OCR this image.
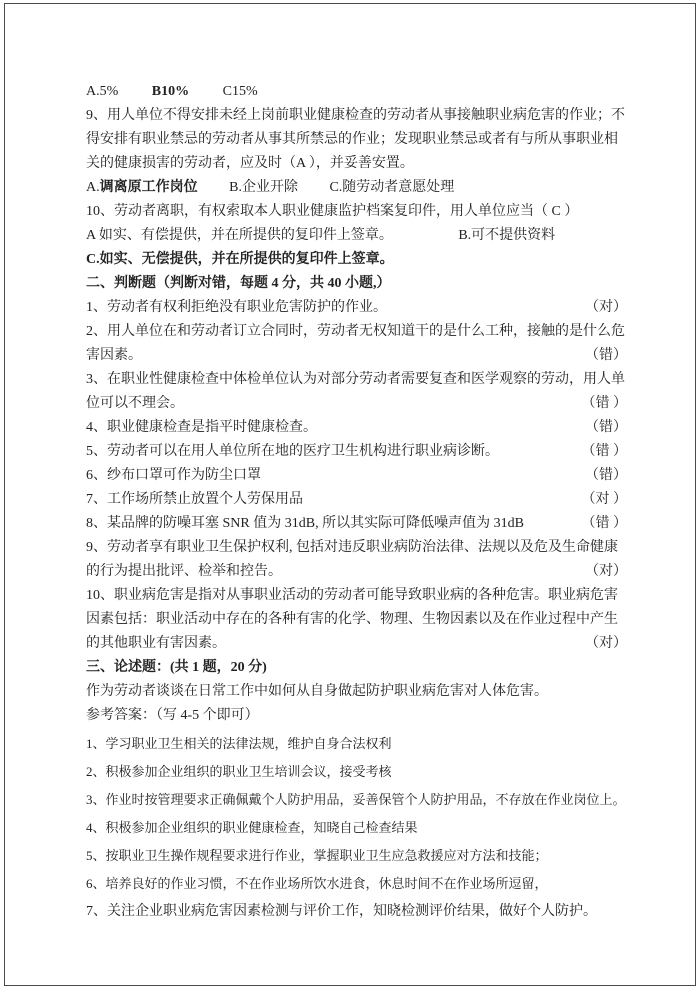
A.5% B10% C15%

9、用人单位不得安排未经上岗前职业健康检查的劳动者从事接触职业病危害的作业；不得安排有职业禁忌的劳动者从事其所禁忌的作业；发现职业禁忌或者有与所从事职业相关的健康损害的劳动者，应及时（A ），并妥善安置。

A.调离原工作岗位 B.企业开除 C.随劳动者意愿处理

10、劳动者离职，有权索取本人职业健康监护档案复印件，用人单位应当（ C ）

A 如实、有偿提供，并在所提供的复印件上签章。	B.可不提供资料

C.如实、无偿提供，并在所提供的复印件上签章。

二、判断题（判断对错，每题 4 分，共 40 小题,）

1、劳动者有权利拒绝没有职业危害防护的作业。	（对）
2、用人单位在和劳动者订立合同时，劳动者无权知道干的是什么工种，接触的是什么危害因素。	（错）
3、在职业性健康检查中体检单位认为对部分劳动者需要复查和医学观察的劳动，用人单位可以不理会。	（错 ）
4、职业健康检查是指平时健康检查。	（错）
5、劳动者可以在用人单位所在地的医疗卫生机构进行职业病诊断。	（错 ）
6、纱布口罩可作为防尘口罩	（错）
7、工作场所禁止放置个人劳保用品	（对 ）
8、某品牌的防噪耳塞 SNR 值为 31dB, 所以其实际可降低噪声值为 31dB	（错 ）
9、劳动者享有职业卫生保护权利, 包括对违反职业病防治法律、法规以及危及生命健康的行为提出批评、检举和控告。	（对）
10、职业病危害是指对从事职业活动的劳动者可能导致职业病的各种危害。职业病危害因素包括：职业活动中存在的各种有害的化学、物理、生物因素以及在作业过程中产生的其他职业有害因素。	（对）

三、论述题：(共 1 题，20 分)

作为劳动者谈谈在日常工作中如何从自身做起防护职业病危害对人体危害。

参考答案：（写 4-5 个即可）

1、学习职业卫生相关的法律法规，维护自身合法权利

2、积极参加企业组织的职业卫生培训会议，接受考核

3、作业时按管理要求正确佩戴个人防护用品，妥善保管个人防护用品，不存放在作业岗位上。

4、积极参加企业组织的职业健康检查，知晓自己检查结果

5、按职业卫生操作规程要求进行作业，掌握职业卫生应急救援应对方法和技能；

6、培养良好的作业习惯，不在作业场所饮水进食，休息时间不在作业场所逗留，

7、关注企业职业病危害因素检测与评价工作，知晓检测评价结果，做好个人防护。
